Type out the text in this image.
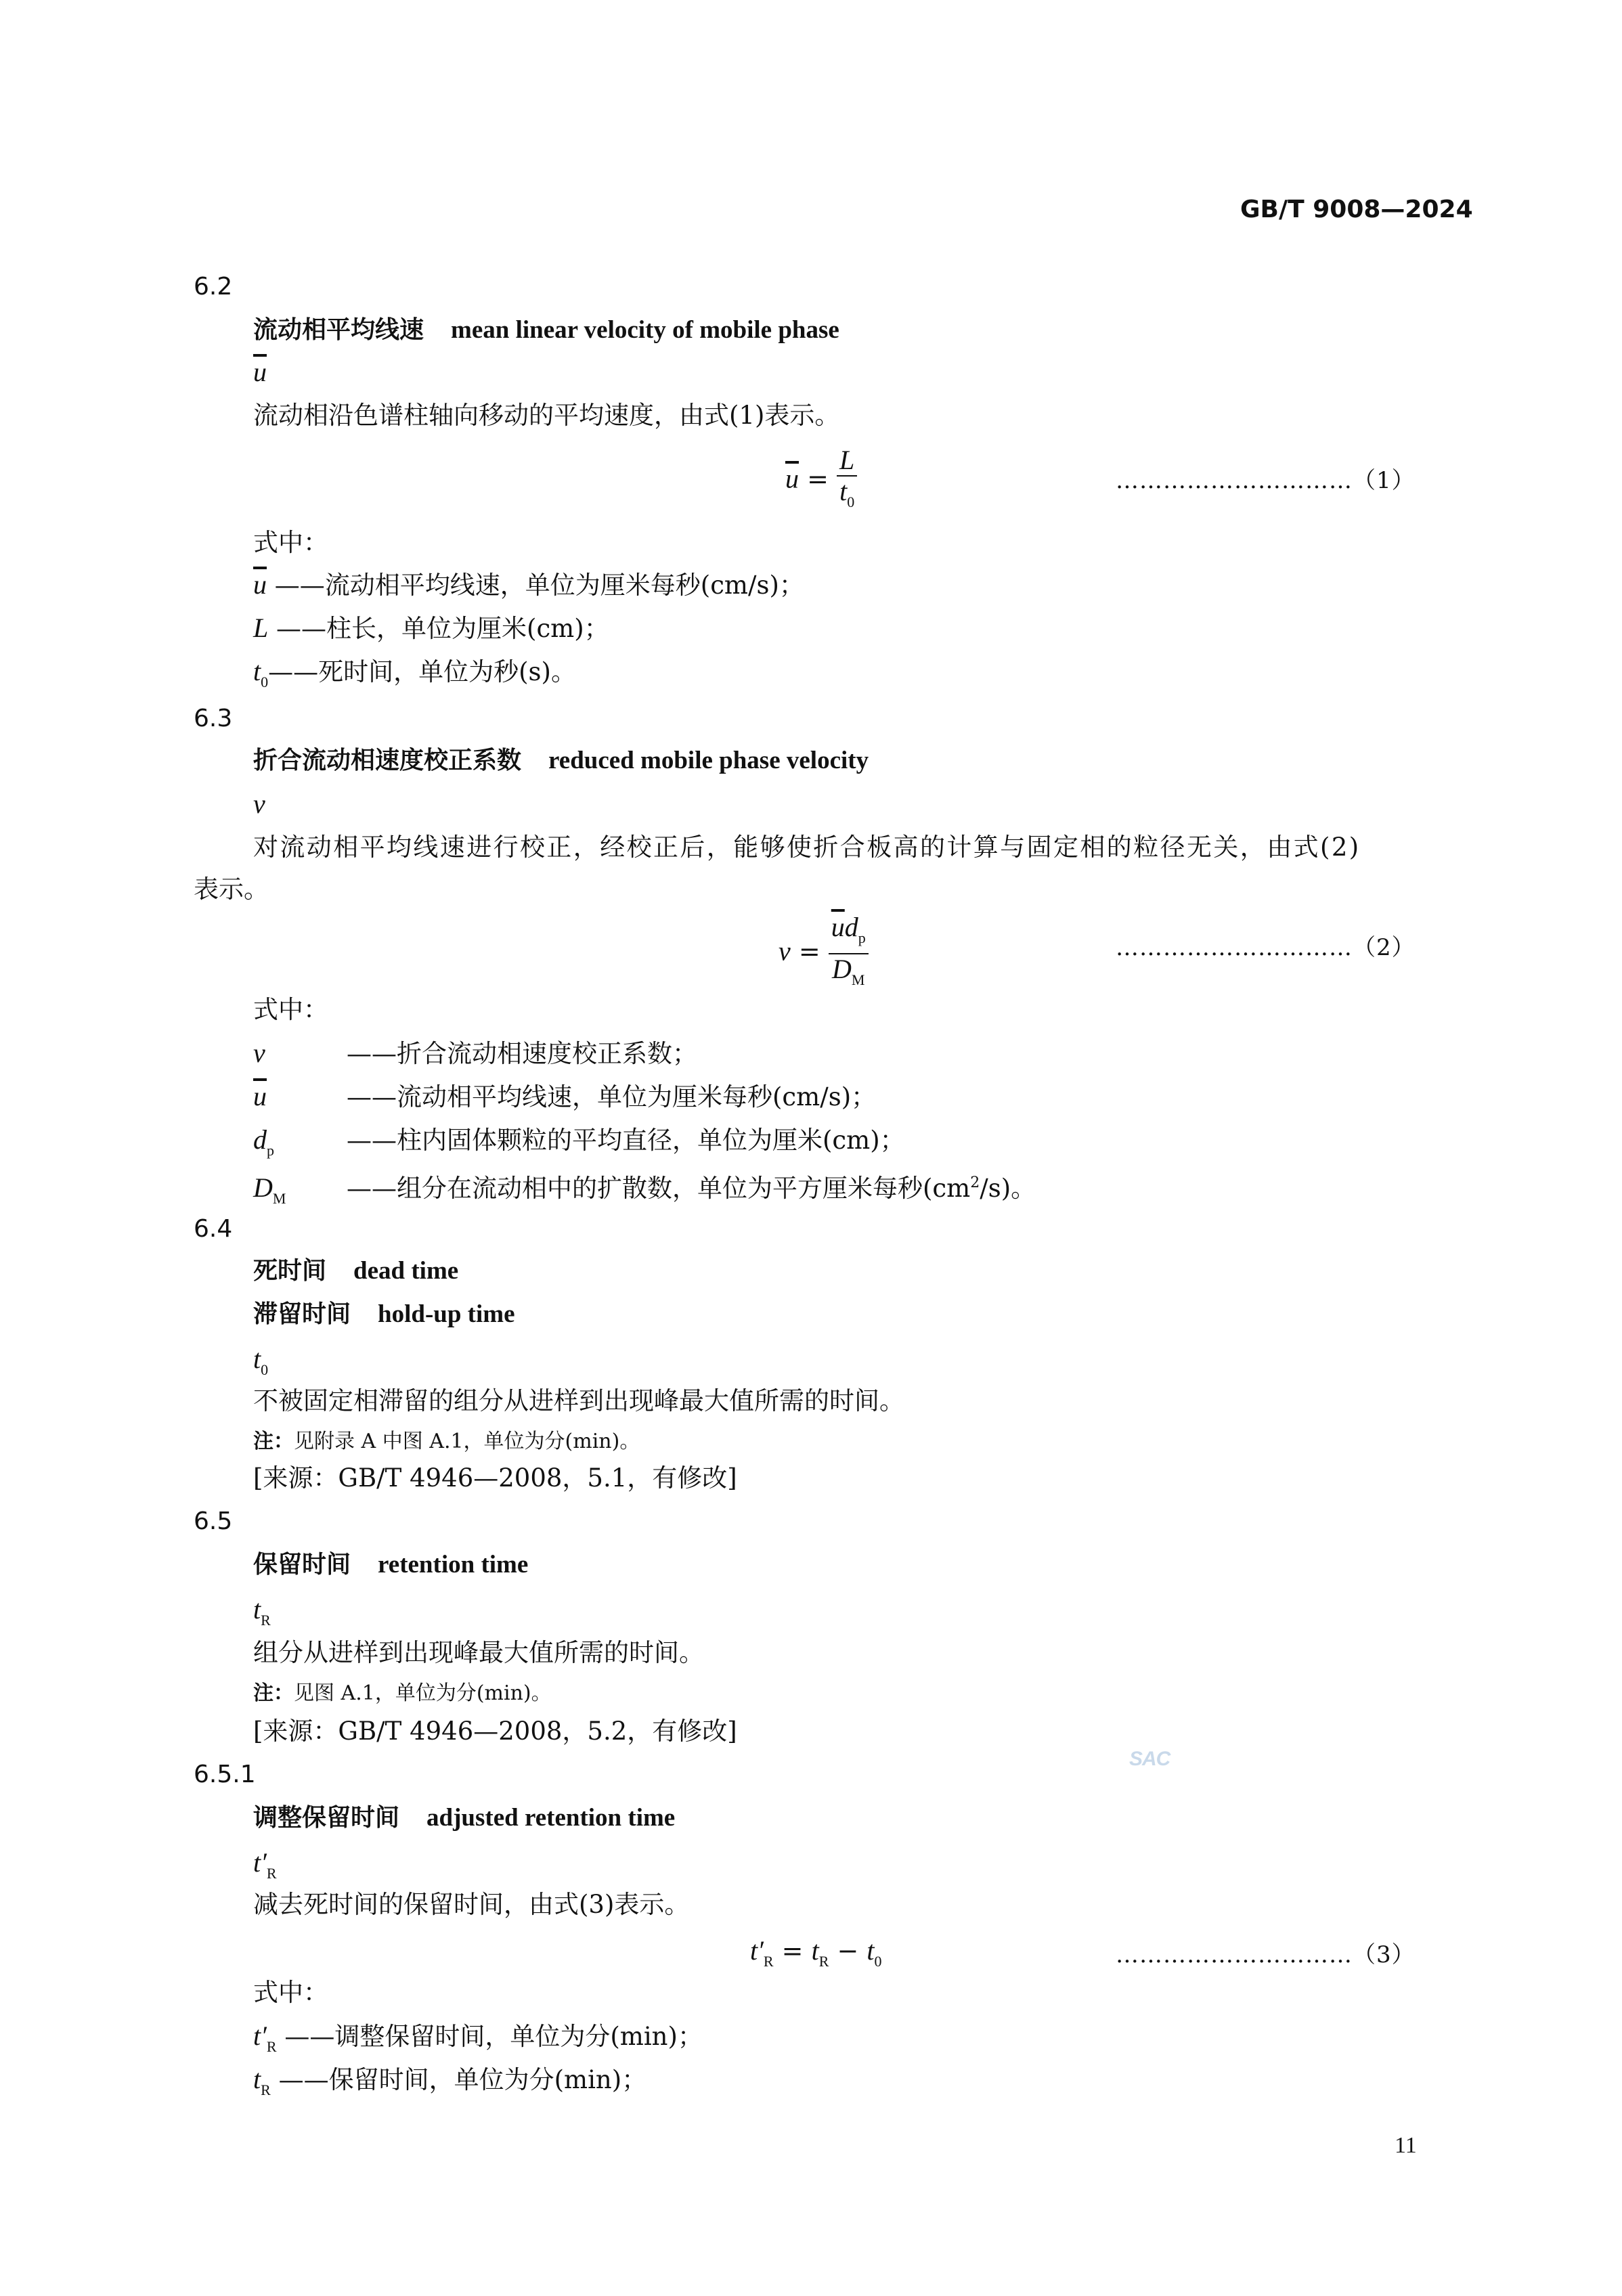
GB/T 9008—2024
6.2
流动相平均线速 mean linear velocity of mobile phase
$\overline{u}$
流动相沿色谱柱轴向移动的平均速度，由式(1)表示。
$\overline{u} = \frac{L}{t_0}$	…………………………（1）
式中：
$\overline{u}$ ——流动相平均线速，单位为厘米每秒(cm/s)；
L ——柱长，单位为厘米(cm)；
$t_0——$死时间，单位为秒(s)。
6.3
折合流动相速度校正系数 reduced mobile phase velocity
v
对流动相平均线速进行校正，经校正后，能够使折合板高的计算与固定相的粒径无关，由式(2)
表示。
$v = \frac{\overline{u}d_p}{D_M}$	…………………………（2）
式中：
v	——折合流动相速度校正系数；
$\overline{u}$	——流动相平均线速，单位为厘米每秒(cm/s)；
$d_p$	——柱内固体颗粒的平均直径，单位为厘米(cm)；
$D_M$ ——组分在流动相中的扩散数，单位为平方厘米每秒$(cm^2/s)$。
6.4
死时间 dead time
滞留时间 hold-up time
$t_0$
不被固定相滞留的组分从进样到出现峰最大值所需的时间。
注：见附录 A 中图 A.1，单位为分(min)。
[来源：GB/T 4946—2008，5.1，有修改]
6.5
保留时间 retention time
$t_R$
组分从进样到出现峰最大值所需的时间。
注：见图 A.1，单位为分(min)。
[来源：GB/T 4946—2008，5.2，有修改]
SAC
6.5.1
调整保留时间 adjusted retention time
$t'_R$
减去死时间的保留时间，由式(3)表示。
$t'_R = t_R - t_0$	…………………………（3）
式中：
$t'_R$ ——调整保留时间，单位为分(min)；
$t_R$ ——保留时间，单位为分(min)；
11
